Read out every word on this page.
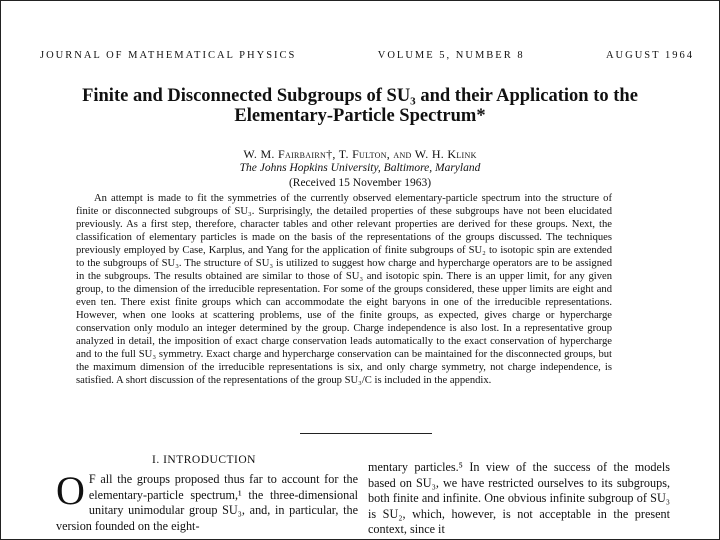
JOURNAL OF MATHEMATICAL PHYSICS	VOLUME 5, NUMBER 8	AUGUST 1964
Finite and Disconnected Subgroups of SU₃ and their Application to the
Elementary-Particle Spectrum*
W. M. Fairbairn†, T. Fulton, and W. H. Klink
The Johns Hopkins University, Baltimore, Maryland
(Received 15 November 1963)

An attempt is made to fit the symmetries of the currently observed elementary-particle spectrum into the structure of finite or disconnected subgroups of SU₃. Surprisingly, the detailed properties of these subgroups have not been elucidated previously. As a first step, therefore, character tables and other relevant properties are derived for these groups. Next, the classification of elementary particles is made on the basis of the representations of the groups discussed. The techniques previously employed by Case, Karplus, and Yang for the application of finite subgroups of SU₂ to isotopic spin are extended to the subgroups of SU₃. The structure of SU₃ is utilized to suggest how charge and hypercharge operators are to be assigned in the subgroups. The results obtained are similar to those of SU₃ and isotopic spin. There is an upper limit, for any given group, to the dimension of the irreducible representation. For some of the groups considered, these upper limits are eight and even ten. There exist finite groups which can accommodate the eight baryons in one of the irreducible representations. However, when one looks at scattering problems, use of the finite groups, as expected, gives charge or hypercharge conservation only modulo an integer determined by the group. Charge independence is also lost. In a representative group analyzed in detail, the imposition of exact charge conservation leads automatically to the exact conservation of hypercharge and to the full SU₃ symmetry. Exact charge and hypercharge conservation can be maintained for the disconnected groups, but the maximum dimension of the irreducible representations is six, and only charge symmetry, not charge independence, is satisfied. A short discussion of the representations of the group SU₃/C is included in the appendix.

I. INTRODUCTION

O F all the groups proposed thus far to account for the elementary-particle spectrum,¹ the three-dimensional unitary unimodular group SU₃, and, in particular, the version founded on the eight-

mentary particles.⁵ In view of the success of the models based on SU₃, we have restricted ourselves to its subgroups, both finite and infinite. One obvious infinite subgroup of SU₃ is SU₂, which, however, is not acceptable in the present context, since it
